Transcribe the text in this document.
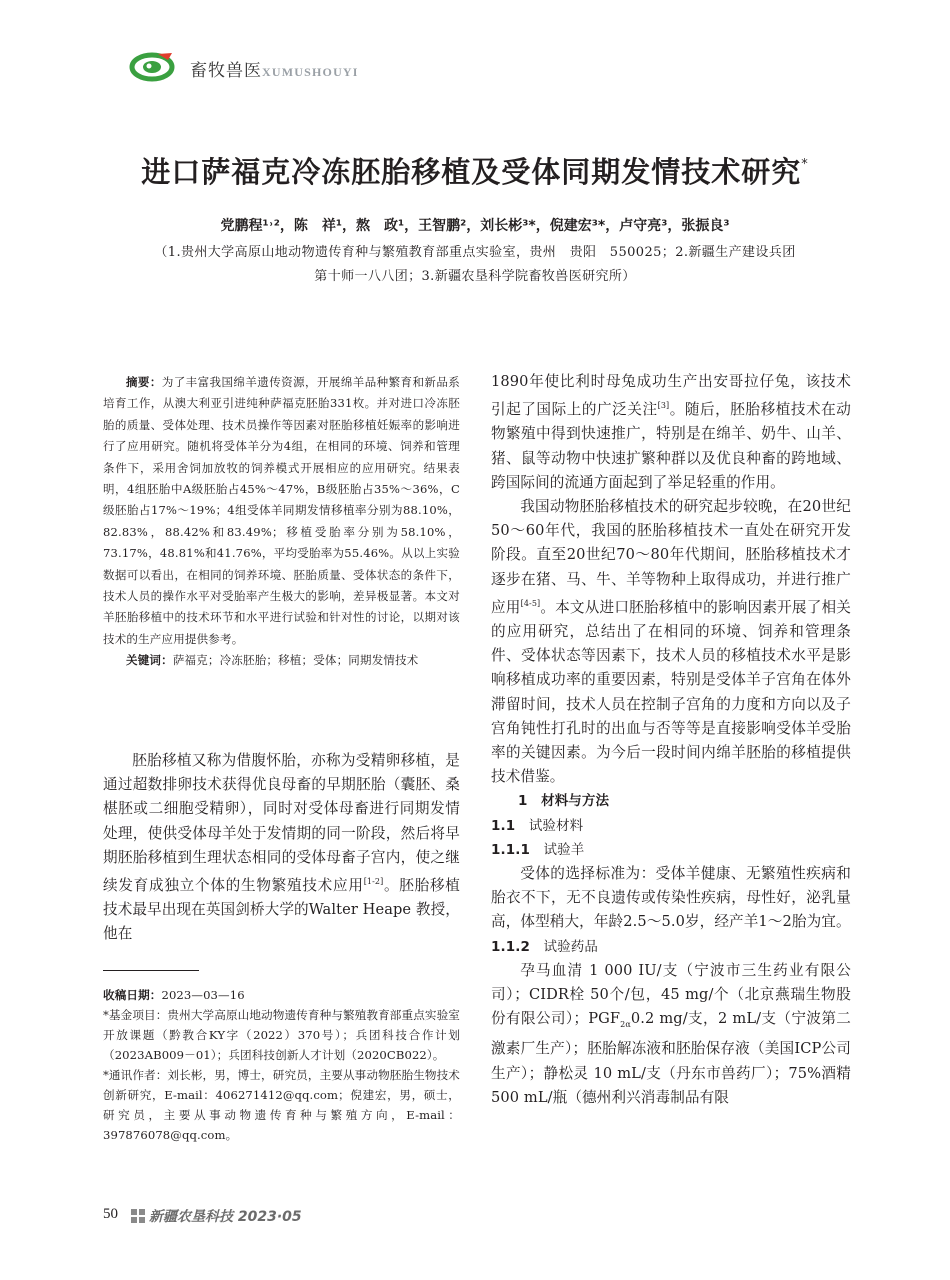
畜牧兽医XUMUSHOUYI
进口萨福克冷冻胚胎移植及受体同期发情技术研究*
党鹏程¹˒²，陈　祥¹，熬　政¹，王智鹏²，刘长彬³*，倪建宏³*，卢守亮³，张振良³
（1.贵州大学高原山地动物遗传育种与繁殖教育部重点实验室，贵州　贵阳　550025；2.新疆生产建设兵团
第十师一八八团；3.新疆农垦科学院畜牧兽医研究所）

摘要：为了丰富我国绵羊遗传资源，开展绵羊品种繁育和新品系培育工作，从澳大利亚引进纯种萨福克胚胎331枚。并对进口冷冻胚胎的质量、受体处理、技术员操作等因素对胚胎移植妊娠率的影响进行了应用研究。随机将受体羊分为4组，在相同的环境、饲养和管理条件下，采用舍饲加放牧的饲养模式开展相应的应用研究。结果表明，4组胚胎中A级胚胎占45%～47%，B级胚胎占35%～36%，C级胚胎占17%～19%；4组受体羊同期发情移植率分别为88.10%，82.83%，88.42%和83.49%；移植受胎率分别为58.10%，73.17%，48.81%和41.76%，平均受胎率为55.46%。从以上实验数据可以看出，在相同的饲养环境、胚胎质量、受体状态的条件下，技术人员的操作水平对受胎率产生极大的影响，差异极显著。本文对羊胚胎移植中的技术环节和水平进行试验和针对性的讨论，以期对该技术的生产应用提供参考。

关键词：萨福克；冷冻胚胎；移植；受体；同期发情技术

胚胎移植又称为借腹怀胎，亦称为受精卵移植，是通过超数排卵技术获得优良母畜的早期胚胎（囊胚、桑椹胚或二细胞受精卵），同时对受体母畜进行同期发情处理，使供受体母羊处于发情期的同一阶段，然后将早期胚胎移植到生理状态相同的受体母畜子宫内，使之继续发育成独立个体的生物繁殖技术应用[1-2]。胚胎移植技术最早出现在英国剑桥大学的Walter Heape 教授，他在

收稿日期：2023—03—16

*基金项目：贵州大学高原山地动物遗传育种与繁殖教育部重点实验室开放课题（黔教合KY字（2022）370号）；兵团科技合作计划（2023AB009－01）；兵团科技创新人才计划（2020CB022）。

*通讯作者：刘长彬，男，博士，研究员，主要从事动物胚胎生物技术创新研究，E-mail：406271412@qq.com；倪建宏，男，硕士，研究员，主要从事动物遗传育种与繁殖方向，E-mail：397876078@qq.com。

1890年使比利时母兔成功生产出安哥拉仔兔，该技术引起了国际上的广泛关注[3]。随后，胚胎移植技术在动物繁殖中得到快速推广，特别是在绵羊、奶牛、山羊、猪、鼠等动物中快速扩繁种群以及优良种畜的跨地域、跨国际间的流通方面起到了举足轻重的作用。

我国动物胚胎移植技术的研究起步较晚，在20世纪50～60年代，我国的胚胎移植技术一直处在研究开发阶段。直至20世纪70～80年代期间，胚胎移植技术才逐步在猪、马、牛、羊等物种上取得成功，并进行推广应用[4-5]。本文从进口胚胎移植中的影响因素开展了相关的应用研究，总结出了在相同的环境、饲养和管理条件、受体状态等因素下，技术人员的移植技术水平是影响移植成功率的重要因素，特别是受体羊子宫角在体外滞留时间，技术人员在控制子宫角的力度和方向以及子宫角钝性打孔时的出血与否等等是直接影响受体羊受胎率的关键因素。为今后一段时间内绵羊胚胎的移植提供技术借鉴。

1　材料与方法

1.1　 试验材料

1.1.1　 试验羊

受体的选择标准为：受体羊健康、无繁殖性疾病和胎衣不下，无不良遗传或传染性疾病，母性好，泌乳量高，体型稍大，年龄2.5～5.0岁，经产羊1～2胎为宜。

1.1.2　 试验药品

孕马血清 1 000 IU/支（宁波市三生药业有限公司）；CIDR栓 50个/包，45 mg/个（北京燕瑞生物股份有限公司）；$PGF_{2\alpha}0.2$ mg/支，2 mL/支（宁波第二激素厂生产）；胚胎解冻液和胚胎保存液（美国ICP公司生产）；静松灵 10 mL/支（丹东市兽药厂）；75%酒精 500 mL/瓶（德州利兴消毒制品有限

50 新疆农垦科技 2023·05
